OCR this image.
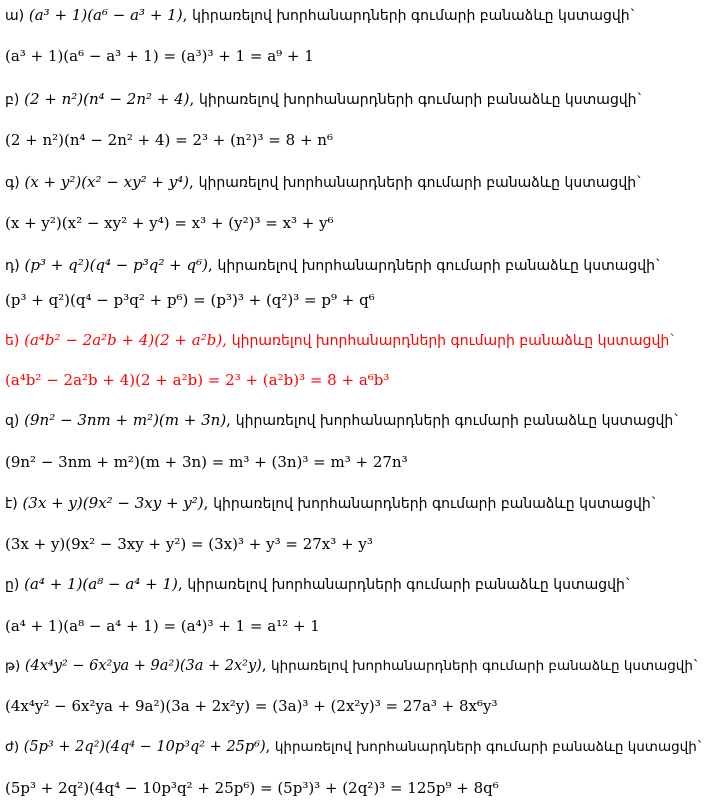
ա) (a³ + 1)(a⁶ − a³ + 1), կիրառելով խորհանարդների գումարի բանաձևը կստացվի`
(a³ + 1)(a⁶ − a³ + 1) = (a³)³ + 1 = a⁹ + 1
բ) (2 + n²)(n⁴ − 2n² + 4), կիրառելով խորհանարդների գումարի բանաձևը կստացվի`
(2 + n²)(n⁴ − 2n² + 4) = 2³ + (n²)³ = 8 + n⁶
գ) (x + y²)(x² − xy² + y⁴), կիրառելով խորհանարդների գումարի բանաձևը կստացվի`
(x + y²)(x² − xy² + y⁴) = x³ + (y²)³ = x³ + y⁶
դ) (p³ + q²)(q⁴ − p³q² + q⁶), կիրառելով խորհանարդների գումարի բանաձևը կստացվի`
(p³ + q²)(q⁴ − p³q² + p⁶) = (p³)³ + (q²)³ = p⁹ + q⁶
ե) (a⁴b² − 2a²b + 4)(2 + a²b), կիրառելով խորհանարդների գումարի բանաձևը կստացվի`
(a⁴b² − 2a²b + 4)(2 + a²b) = 2³ + (a²b)³ = 8 + a⁶b³
զ) (9n² − 3nm + m²)(m + 3n), կիրառելով խորհանարդների գումարի բանաձևը կստացվի`
(9n² − 3nm + m²)(m + 3n) = m³ + (3n)³ = m³ + 27n³
է) (3x + y)(9x² − 3xy + y²), կիրառելով խորհանարդների գումարի բանաձևը կստացվի`
(3x + y)(9x² − 3xy + y²) = (3x)³ + y³ = 27x³ + y³
ը) (a⁴ + 1)(a⁸ − a⁴ + 1), կիրառելով խորհանարդների գումարի բանաձևը կստացվի`
(a⁴ + 1)(a⁸ − a⁴ + 1) = (a⁴)³ + 1 = a¹² + 1
թ) (4x⁴y² − 6x²ya + 9a²)(3a + 2x²y), կիրառելով խորհանարդների գումարի բանաձևը կստացվի`
(4x⁴y² − 6x²ya + 9a²)(3a + 2x²y) = (3a)³ + (2x²y)³ = 27a³ + 8x⁶y³
ժ) (5p³ + 2q²)(4q⁴ − 10p³q² + 25p⁶), կիրառելով խորհանարդների գումարի բանաձևը կստացվի`
(5p³ + 2q²)(4q⁴ − 10p³q² + 25p⁶) = (5p³)³ + (2q²)³ = 125p⁹ + 8q⁶
